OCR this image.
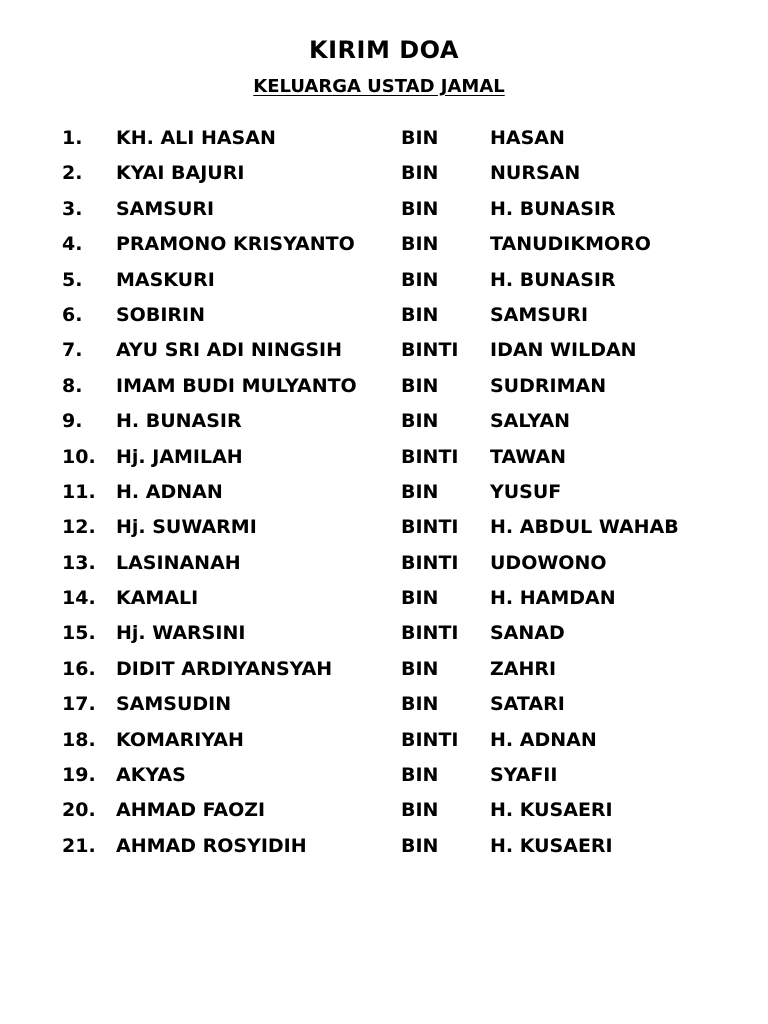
KIRIM DOA
KELUARGA USTAD JAMAL
1.	KH. ALI HASAN	BIN	HASAN
2.	KYAI BAJURI	BIN	NURSAN
3.	SAMSURI	BIN	H. BUNASIR
4.	PRAMONO KRISYANTO	BIN	TANUDIKMORO
5.	MASKURI	BIN	H. BUNASIR
6.	SOBIRIN	BIN	SAMSURI
7.	AYU SRI ADI NINGSIH	BINTI	IDAN WILDAN
8.	IMAM BUDI MULYANTO	BIN	SUDRIMAN
9.	H. BUNASIR	BIN	SALYAN
10.	Hj. JAMILAH	BINTI	TAWAN
11.	H. ADNAN	BIN	YUSUF
12.	Hj. SUWARMI	BINTI	H. ABDUL WAHAB
13.	LASINANAH	BINTI	UDOWONO
14.	KAMALI	BIN	H. HAMDAN
15.	Hj. WARSINI	BINTI	SANAD
16.	DIDIT ARDIYANSYAH	BIN	ZAHRI
17.	SAMSUDIN	BIN	SATARI
18.	KOMARIYAH	BINTI	H. ADNAN
19.	AKYAS	BIN	SYAFII
20.	AHMAD FAOZI	BIN	H. KUSAERI
21.	AHMAD ROSYIDIH	BIN	H. KUSAERI
